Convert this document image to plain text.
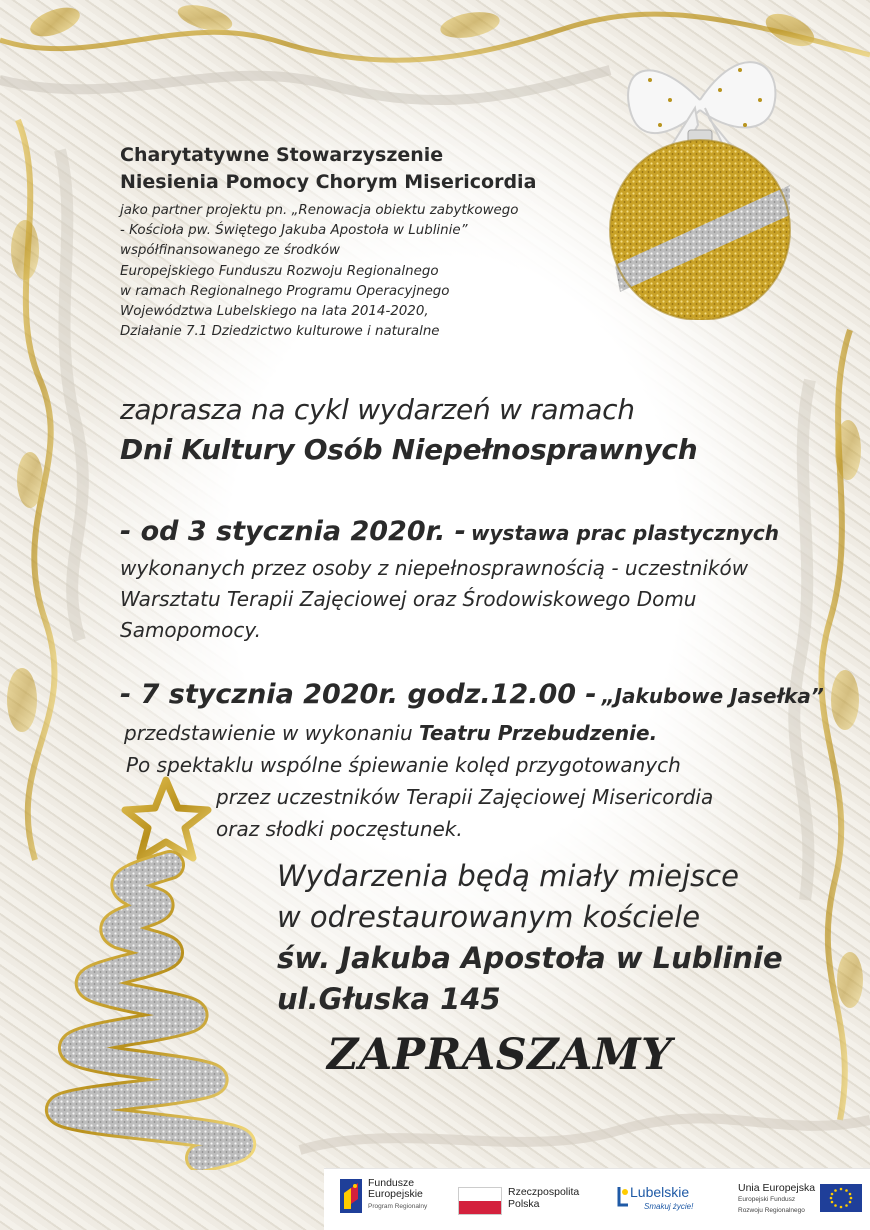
Charytatywne Stowarzyszenie
Niesienia Pomocy Chorym Misericordia
jako partner projektu pn. „Renowacja obiektu zabytkowego
- Kościoła pw. Świętego Jakuba Apostoła w Lublinie”
współfinansowanego ze środków
Europejskiego Funduszu Rozwoju Regionalnego
w ramach Regionalnego Programu Operacyjnego
Województwa Lubelskiego na lata 2014-2020,
Działanie 7.1 Dziedzictwo kulturowe i naturalne
zaprasza na cykl wydarzeń w ramach
Dni Kultury Osób Niepełnosprawnych
- od 3 stycznia 2020r. - wystawa prac plastycznych
wykonanych przez osoby z niepełnosprawnością - uczestników
Warsztatu Terapii Zajęciowej oraz Środowiskowego Domu
Samopomocy.
- 7 stycznia 2020r. godz.12.00 - „Jakubowe Jasełka”
przedstawienie w wykonaniu Teatru Przebudzenie.
Po spektaklu wspólne śpiewanie kolęd przygotowanych
przez uczestników Terapii Zajęciowej Misericordia
oraz słodki poczęstunek.
Wydarzenia będą miały miejsce
w odrestaurowanym kościele
św. Jakuba Apostoła w Lublinie
ul.Głuska 145
ZAPRASZAMY
Fundusze
Europejskie
Program Regionalny
Rzeczpospolita
Polska
Lubelskie
Smakuj życie!
Unia Europejska
Europejski Fundusz
Rozwoju Regionalnego
